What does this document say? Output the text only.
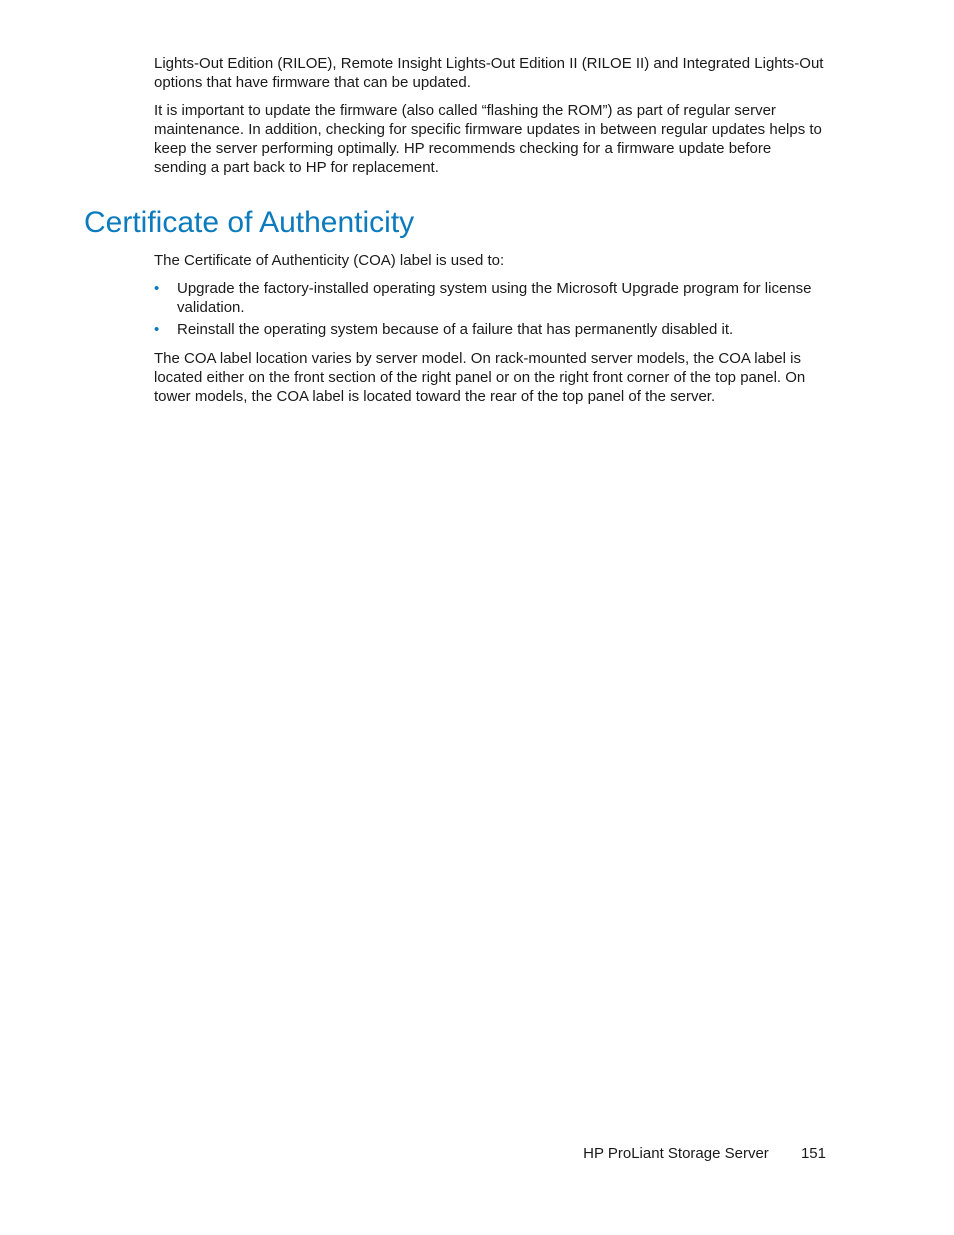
Lights-Out Edition (RILOE), Remote Insight Lights-Out Edition II (RILOE II) and Integrated Lights-Out options that have firmware that can be updated.

It is important to update the firmware (also called “flashing the ROM”) as part of regular server maintenance. In addition, checking for specific firmware updates in between regular updates helps to keep the server performing optimally. HP recommends checking for a firmware update before sending a part back to HP for replacement.

Certificate of Authenticity

The Certificate of Authenticity (COA) label is used to:

• Upgrade the factory-installed operating system using the Microsoft Upgrade program for license validation.
• Reinstall the operating system because of a failure that has permanently disabled it.

The COA label location varies by server model. On rack-mounted server models, the COA label is located either on the front section of the right panel or on the right front corner of the top panel. On tower models, the COA label is located toward the rear of the top panel of the server.

HP ProLiant Storage Server 151
